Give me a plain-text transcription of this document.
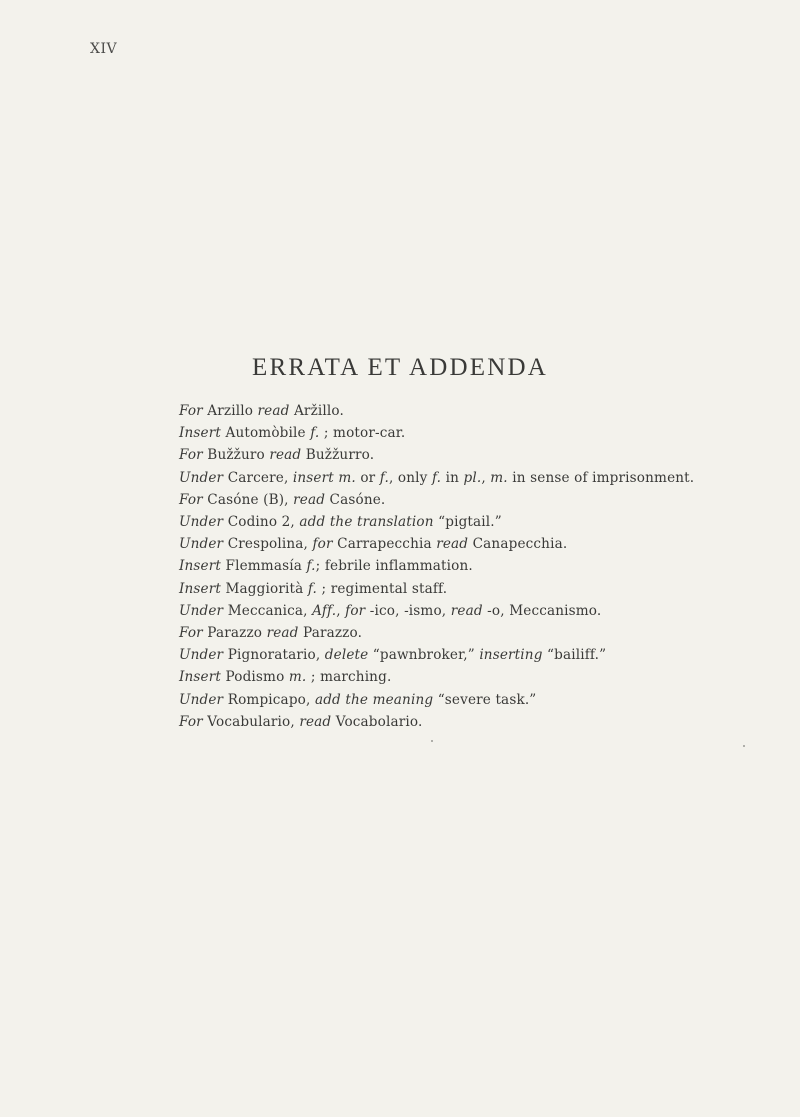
XIV
ERRATA ET ADDENDA
For Arzillo read Aržillo.
Insert Automòbile f. ; motor-car.
For Bužžuro read Bužžurro.
Under Carcere, insert m. or f., only f. in pl., m. in sense of imprisonment.
For Casóne (B), read Casóne.
Under Codino 2, add the translation “pigtail.”
Under Crespolina, for Carrapecchia read Canapecchia.
Insert Flemmasía f.; febrile inflammation.
Insert Maggiorità f. ; regimental staff.
Under Meccanica, Aff., for -ico, -ismo, read -o, Meccanismo.
For Parazzo read Parazzo.
Under Pignoratario, delete “pawnbroker,” inserting “bailiff.”
Insert Podismo m. ; marching.
Under Rompicapo, add the meaning “severe task.”
For Vocabulario, read Vocabolario.
